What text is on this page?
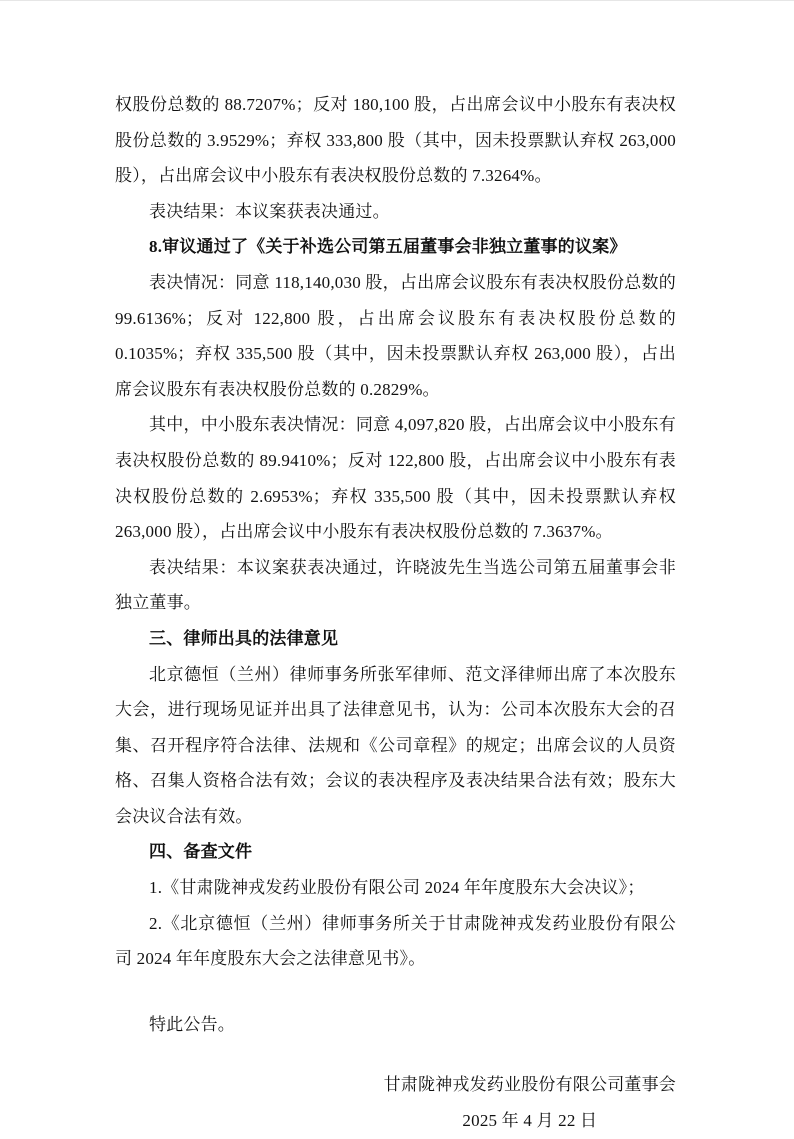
权股份总数的 88.7207%；反对 180,100 股，占出席会议中小股东有表决权股份总数的 3.9529%；弃权 333,800 股（其中，因未投票默认弃权 263,000 股），占出席会议中小股东有表决权股份总数的 7.3264%。

表决结果：本议案获表决通过。

8.审议通过了《关于补选公司第五届董事会非独立董事的议案》

表决情况：同意 118,140,030 股，占出席会议股东有表决权股份总数的 99.6136%；反对 122,800 股，占出席会议股东有表决权股份总数的 0.1035%；弃权 335,500 股（其中，因未投票默认弃权 263,000 股），占出席会议股东有表决权股份总数的 0.2829%。

其中，中小股东表决情况：同意 4,097,820 股，占出席会议中小股东有表决权股份总数的 89.9410%；反对 122,800 股，占出席会议中小股东有表决权股份总数的 2.6953%；弃权 335,500 股（其中，因未投票默认弃权 263,000 股），占出席会议中小股东有表决权股份总数的 7.3637%。

表决结果：本议案获表决通过，许晓波先生当选公司第五届董事会非独立董事。

三、律师出具的法律意见

北京德恒（兰州）律师事务所张军律师、范文泽律师出席了本次股东大会，进行现场见证并出具了法律意见书，认为：公司本次股东大会的召集、召开程序符合法律、法规和《公司章程》的规定；出席会议的人员资格、召集人资格合法有效；会议的表决程序及表决结果合法有效；股东大会决议合法有效。

四、备查文件

1.《甘肃陇神戎发药业股份有限公司 2024 年年度股东大会决议》；

2.《北京德恒（兰州）律师事务所关于甘肃陇神戎发药业股份有限公司 2024 年年度股东大会之法律意见书》。

特此公告。

甘肃陇神戎发药业股份有限公司董事会
2025 年 4 月 22 日
